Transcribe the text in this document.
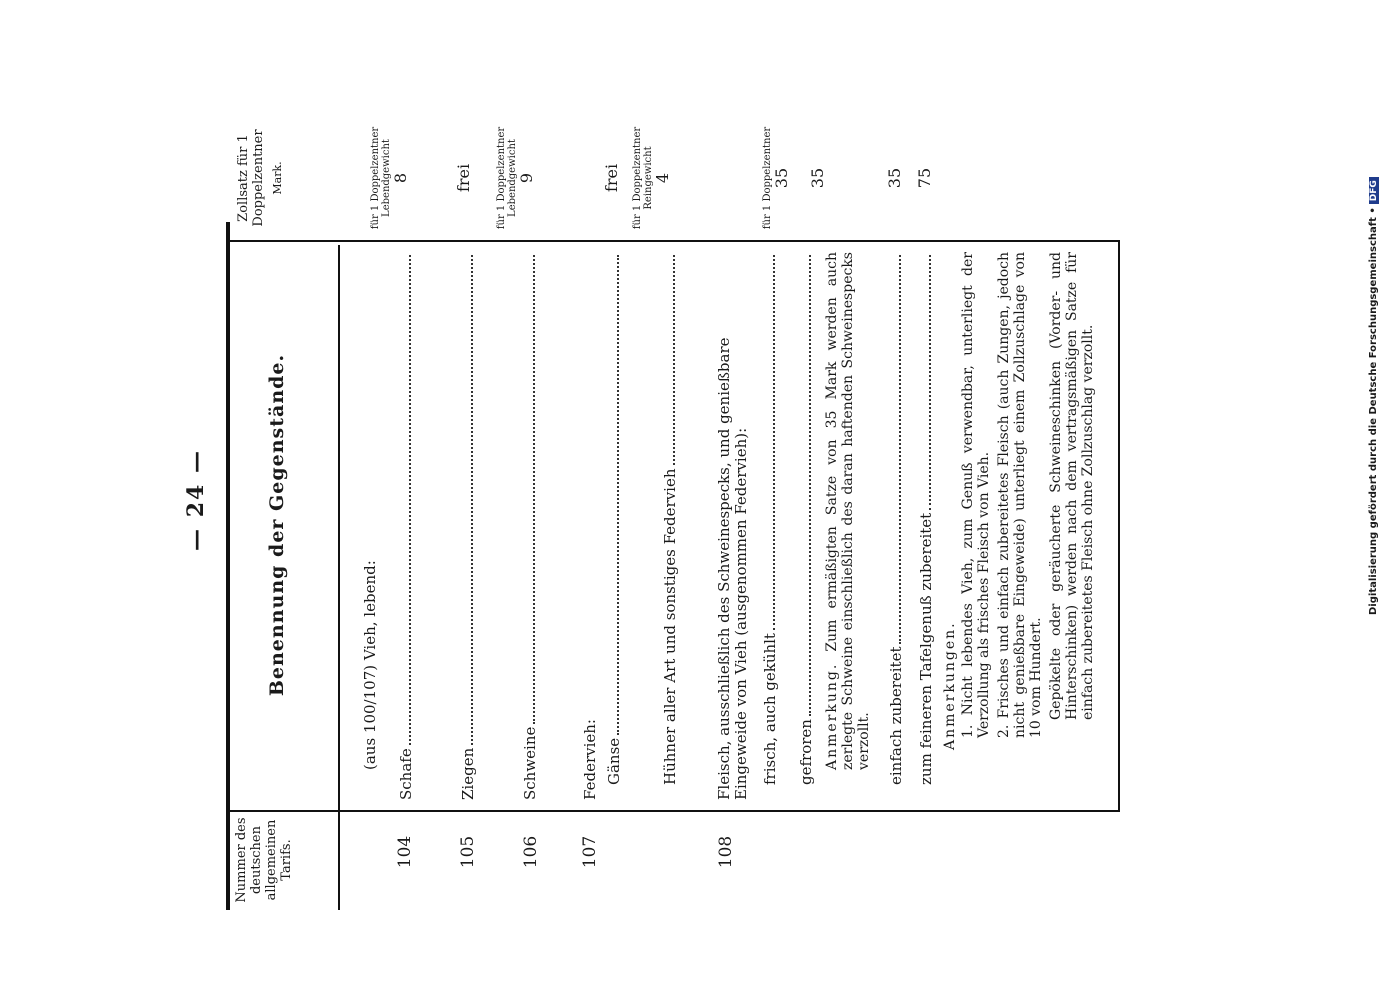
— 24 —
Nummer des deutschen allgemeinen Tarifs.
Benennung der Gegenstände.
Zollsatz für 1 Doppelzentner Mark.
(aus 100/107) Vieh, lebend:
104
Schafe
für 1 Doppelzentner Lebendgewicht 8
105
Ziegen
frei
106
Schweine
für 1 Doppelzentner Lebendgewicht 9
107
Federvieh: Gänse
frei
Hühner aller Art und sonstiges Federvieh
für 1 Doppelzentner Reingewicht 4
108
Fleisch, ausschließlich des Schweinespecks, und genießbare Eingeweide von Vieh (ausgenommen Federvieh):
für 1 Doppelzentner
frisch, auch gekühlt
35
gefroren
35
Anmerkung. Zum ermäßigten Satze von 35 Mark werden auch zerlegte Schweine einschließlich des daran haftenden Schweinespecks verzollt. einfach zubereitet
35
zum feineren Tafelgenuß zubereitet
75
Anmerkungen. 1. Nicht lebendes Vieh, zum Genuß verwendbar, unterliegt der Verzollung als frisches Fleisch von Vieh. 2. Frisches und einfach zubereitetes Fleisch (auch Zungen, jedoch nicht genießbare Eingeweide) unterliegt einem Zollzuschlage von 10 vom Hundert. Gepökelte oder geräucherte Schweineschinken (Vorder- und Hinterschinken) werden nach dem vertragsmäßigen Satze für einfach zubereitetes Fleisch ohne Zollzuschlag verzollt.	Digitalisierung gefördert durch die Deutsche Forschungsgemeinschaft •DFG
